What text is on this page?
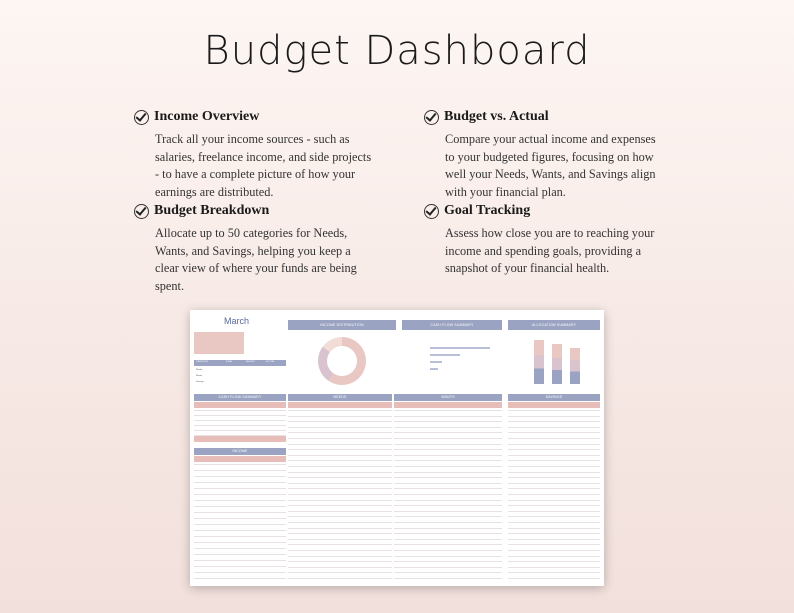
Budget Dashboard
Income Overview
Track all your income sources - such as salaries, freelance income, and side projects - to have a complete picture of how your earnings are distributed.
Budget vs. Actual
Compare your actual income and expenses to your budgeted figures, focusing on how well your Needs, Wants, and Savings align with your financial plan.
Budget Breakdown
Allocate up to 50 categories for Needs, Wants, and Savings, helping you keep a clear view of where your funds are being spent.
Goal Tracking
Assess how close you are to reaching your income and spending goals, providing a snapshot of your financial health.
March	INCOME DISTRIBUTION	CASH FLOW SUMMARY	ALLOCATION SUMMARY
CATEGORY	IDEAL	BUDGET	ACTUAL
Needs
Wants
Savings
CASH FLOW SUMMARY	NEEDS	WANTS	SAVINGS
INCOME
